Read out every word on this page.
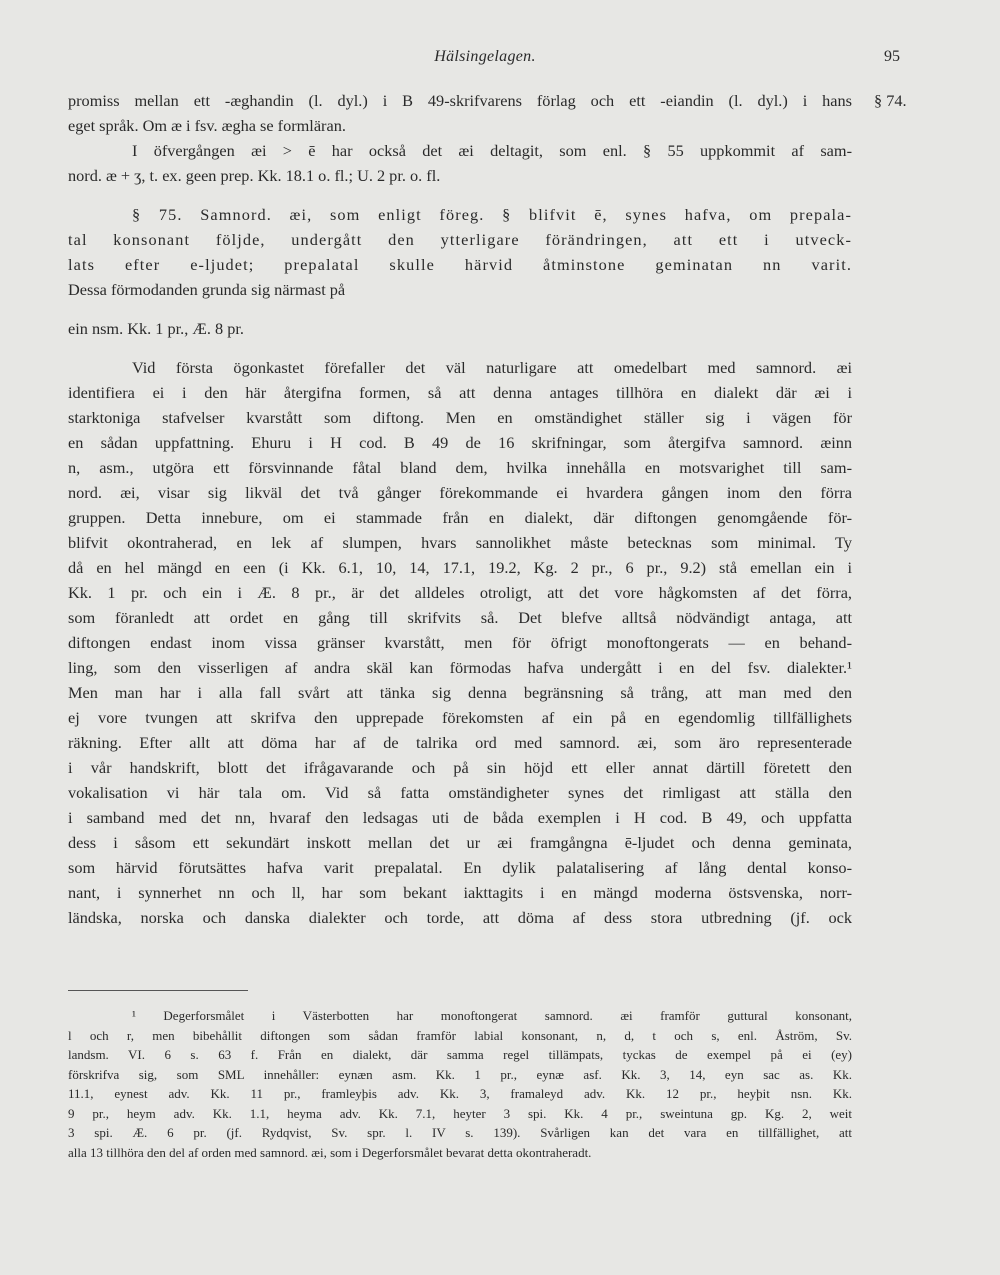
Hälsingelagen.	95
§ 74.
promiss mellan ett -æghandin (l. dyl.) i B 49-skrifvarens förlag och ett -eiandin (l. dyl.) i hans
eget språk. Om æ i fsv. ægha se formläran.
I öfvergången æi > ē har också det æi deltagit, som enl. § 55 uppkommit af sam-
nord. æ + ʒ, t. ex. geen prep. Kk. 18.1 o. fl.; U. 2 pr. o. fl.
§ 75. Samnord. æi, som enligt föreg. § blifvit ē, synes hafva, om prepala-
tal konsonant följde, undergått den ytterligare förändringen, att ett i utveck-
lats efter e-ljudet; prepalatal skulle härvid åtminstone geminatan nn varit.
Dessa förmodanden grunda sig närmast på
ein nsm. Kk. 1 pr., Æ. 8 pr.
Vid första ögonkastet förefaller det väl naturligare att omedelbart med samnord. æi
identifiera ei i den här återgifna formen, så att denna antages tillhöra en dialekt där æi i
starktoniga stafvelser kvarstått som diftong. Men en omständighet ställer sig i vägen för
en sådan uppfattning. Ehuru i H cod. B 49 de 16 skrifningar, som återgifva samnord. æinn
n, asm., utgöra ett försvinnande fåtal bland dem, hvilka innehålla en motsvarighet till sam-
nord. æi, visar sig likväl det två gånger förekommande ei hvardera gången inom den förra
gruppen. Detta innebure, om ei stammade från en dialekt, där diftongen genomgående för-
blifvit okontraherad, en lek af slumpen, hvars sannolikhet måste betecknas som minimal. Ty
då en hel mängd en een (i Kk. 6.1, 10, 14, 17.1, 19.2, Kg. 2 pr., 6 pr., 9.2) stå emellan ein i
Kk. 1 pr. och ein i Æ. 8 pr., är det alldeles otroligt, att det vore hågkomsten af det förra,
som föranledt att ordet en gång till skrifvits så. Det blefve alltså nödvändigt antaga, att
diftongen endast inom vissa gränser kvarstått, men för öfrigt monoftongerats — en behand-
ling, som den visserligen af andra skäl kan förmodas hafva undergått i en del fsv. dialekter.¹
Men man har i alla fall svårt att tänka sig denna begränsning så trång, att man med den
ej vore tvungen att skrifva den upprepade förekomsten af ein på en egendomlig tillfällighets
räkning. Efter allt att döma har af de talrika ord med samnord. æi, som äro representerade
i vår handskrift, blott det ifrågavarande och på sin höjd ett eller annat därtill företett den
vokalisation vi här tala om. Vid så fatta omständigheter synes det rimligast att ställa den
i samband med det nn, hvaraf den ledsagas uti de båda exemplen i H cod. B 49, och uppfatta
dess i såsom ett sekundärt inskott mellan det ur æi framgångna ē-ljudet och denna geminata,
som härvid förutsättes hafva varit prepalatal. En dylik palatalisering af lång dental konso-
nant, i synnerhet nn och ll, har som bekant iakttagits i en mängd moderna östsvenska, norr-
ländska, norska och danska dialekter och torde, att döma af dess stora utbredning (jf. ock
¹ Degerforsmålet i Västerbotten har monoftongerat samnord. æi framför guttural konsonant,
l och r, men bibehållit diftongen som sådan framför labial konsonant, n, d, t och s, enl. Åström, Sv.
landsm. VI. 6 s. 63 f. Från en dialekt, där samma regel tillämpats, tyckas de exempel på ei (ey)
förskrifva sig, som SML innehåller: eynæn asm. Kk. 1 pr., eynæ asf. Kk. 3, 14, eyn sac as. Kk.
11.1, eynest adv. Kk. 11 pr., framleyþis adv. Kk. 3, framaleyd adv. Kk. 12 pr., heyþit nsn. Kk.
9 pr., heym adv. Kk. 1.1, heyma adv. Kk. 7.1, heyter 3 spi. Kk. 4 pr., sweintuna gp. Kg. 2, weit
3 spi. Æ. 6 pr. (jf. Rydqvist, Sv. spr. l. IV s. 139). Svårligen kan det vara en tillfällighet, att
alla 13 tillhöra den del af orden med samnord. æi, som i Degerforsmålet bevarat detta okontraheradt.
